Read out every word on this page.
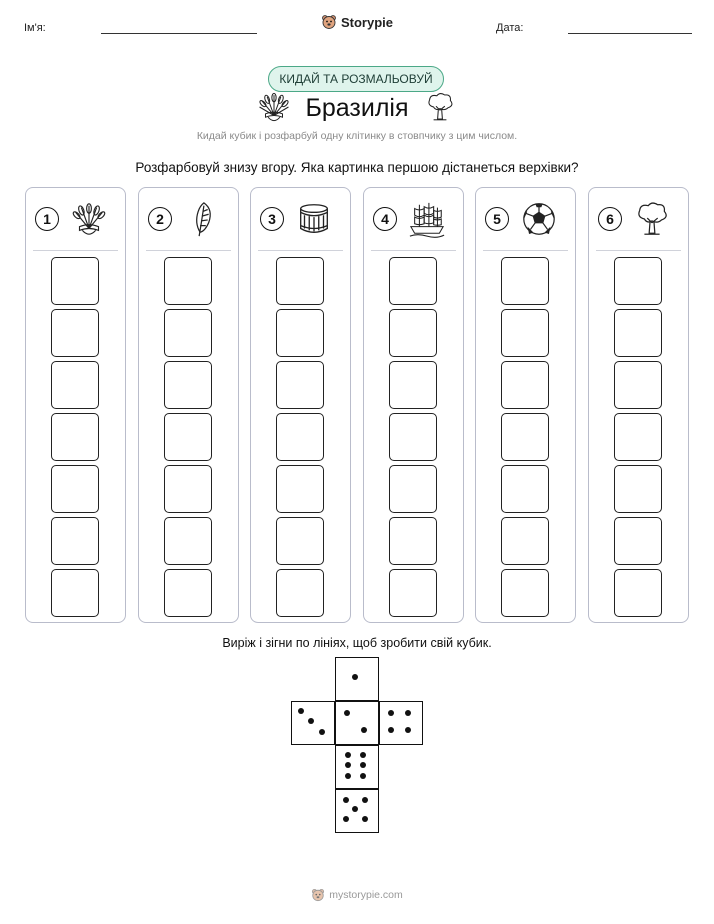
Ім'я:	Дата:
Storypie
КИДАЙ ТА РОЗМАЛЬОВУЙ
Бразилія
Кидай кубик і розфарбуй одну клітинку в стовпчику з цим числом.
Розфарбовуй знизу вгору. Яка картинка першою дістанеться верхівки?
1	2	3	4	5	6
Виріж і зігни по лініях, щоб зробити свій кубик.
mystorypie.com
